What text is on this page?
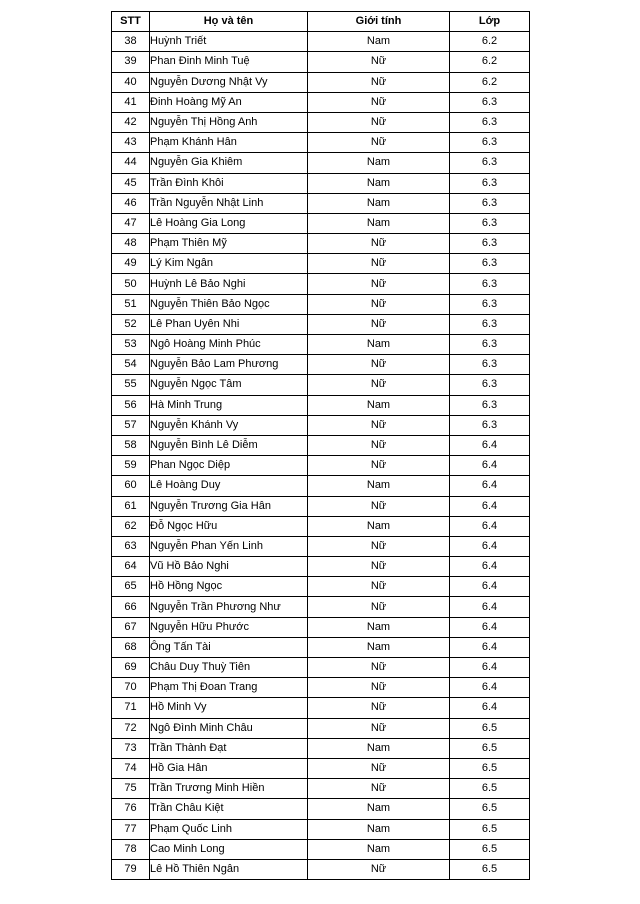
STT	Họ và tên	Giới tính	Lớp
38	Huỳnh Triết	Nam	6.2
39	Phan Đinh Minh Tuệ	Nữ	6.2
40	Nguyễn Dương Nhật Vy	Nữ	6.2
41	Đinh Hoàng Mỹ An	Nữ	6.3
42	Nguyễn Thị Hồng Anh	Nữ	6.3
43	Phạm Khánh Hân	Nữ	6.3
44	Nguyễn Gia Khiêm	Nam	6.3
45	Trần Đình Khôi	Nam	6.3
46	Trần Nguyễn Nhật Linh	Nam	6.3
47	Lê Hoàng Gia Long	Nam	6.3
48	Phạm Thiên Mỹ	Nữ	6.3
49	Lý Kim Ngân	Nữ	6.3
50	Huỳnh Lê Bảo Nghi	Nữ	6.3
51	Nguyễn Thiên Bảo Ngọc	Nữ	6.3
52	Lê Phan Uyên Nhi	Nữ	6.3
53	Ngô Hoàng Minh Phúc	Nam	6.3
54	Nguyễn Bảo Lam Phương	Nữ	6.3
55	Nguyễn Ngọc Tâm	Nữ	6.3
56	Hà Minh Trung	Nam	6.3
57	Nguyễn Khánh Vy	Nữ	6.3
58	Nguyễn Bình Lê Diễm	Nữ	6.4
59	Phan Ngọc Diệp	Nữ	6.4
60	Lê Hoàng Duy	Nam	6.4
61	Nguyễn Trương Gia Hân	Nữ	6.4
62	Đỗ Ngọc Hữu	Nam	6.4
63	Nguyễn Phan Yến Linh	Nữ	6.4
64	Vũ Hồ Bảo Nghi	Nữ	6.4
65	Hồ Hồng Ngọc	Nữ	6.4
66	Nguyễn Trần Phương Như	Nữ	6.4
67	Nguyễn Hữu Phước	Nam	6.4
68	Ông Tấn Tài	Nam	6.4
69	Châu Duy Thuỳ Tiên	Nữ	6.4
70	Phạm Thị Đoan Trang	Nữ	6.4
71	Hồ Minh Vy	Nữ	6.4
72	Ngô Đình Minh Châu	Nữ	6.5
73	Trần Thành Đạt	Nam	6.5
74	Hồ Gia Hân	Nữ	6.5
75	Trần Trương Minh Hiền	Nữ	6.5
76	Trần Châu Kiệt	Nam	6.5
77	Phạm Quốc Linh	Nam	6.5
78	Cao Minh Long	Nam	6.5
79	Lê Hồ Thiên Ngân	Nữ	6.5
